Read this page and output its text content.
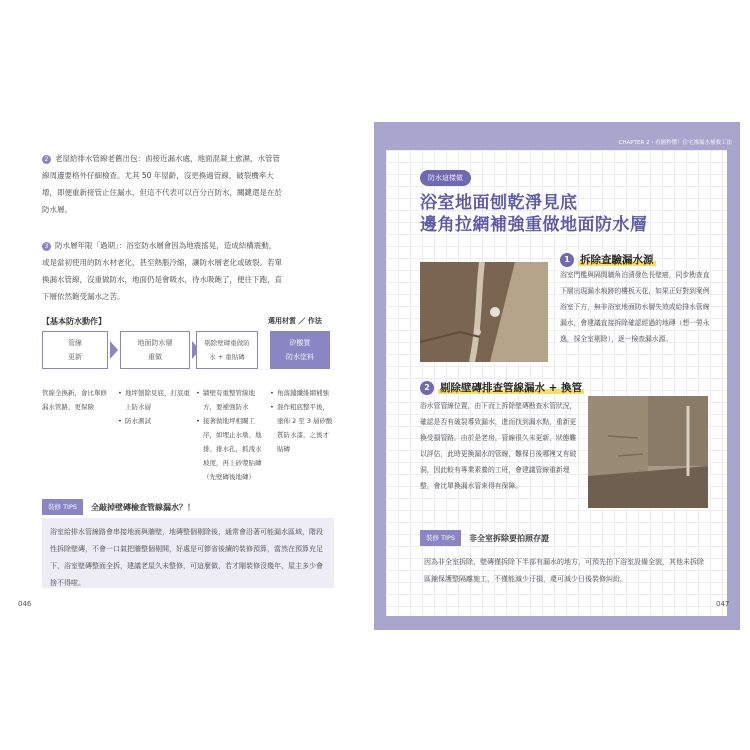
2 老屋給排水管線老舊出包：鹵接近漏水處，地面混凝土愈濕，水管管線周邊要格外仔細檢查。尤其 50 年屋齡，沒更換過管線，破裂機率大增，即便重新接管止住漏水，但這不代表可以百分百防水，關鍵還是在於防水層。
3 防水層年限「過期」：浴室防水層會因為地震搖晃，造成結構震動，或是當初使用的防水材老化，甚至熱脹冷縮，讓防水層老化或破裂。若單換漏水管線，沒重做防水，地面仍是會吸水，待水吸飽了，便往下跑，直下層依然飽受漏水之苦。
【基本防水動作】	選用材質 ／ 作法
管線
更新
地面防水層
重做
剔除壁磚重做防
水 + 重貼磚
矽酸質
防水塗料
管線全換新，會比單修漏水管路，更保險
• 地坪刨除見底，打底重上防水層
• 防水測試
• 牆壁有重整管線地方，要補強防水
• 接著做地坪相關工序，如埋止水墩、地排、排水孔，抓洩水坡度，再上砂漿貼磚（先壁磚後地磚）
• 角落鋪纖維網補強
• 混作粗底整平後，塗佈 2 至 3 層矽酸質防水漆，之後才貼磚
裝修 TIPS	全敲掉壁磚檢查管線漏水？！
浴室給排水管線路會串接地面與牆壁，地磚整個剔除後，通常會沿著可能漏水區域，階段性拆除壁磚，不會一口氣把牆整個剔開，好處是可節省後續的裝修預算，當然在預算充足下，浴室壁磚整面全拆，建議老屋久未整修，可這麼做，若才剛裝修沒幾年，屋主多少會捨不得啦。
046
CHAPTER 2・看圖秒懂！住宅滲漏水補救工法
防水這樣做
浴室地面刨乾淨見底
邊角拉網補強重做地面防水層
1 拆除查驗漏水源
浴室門檻與隔間牆角泊漬發色長壁癌，同步勘查直下層出現漏水痕跡的樓板天花，如果正好對到案例浴室下方，無非浴室地面防水層失效或給排水管線漏水，會建議直接拆除確認經過的地磚（想一勞永逸，採全室剔除），逐一檢查漏水源。
2 剔除壁磚排查管線漏水 + 換管
浴水管管線位置，由下而上拆除壁磚勘查水管狀況，確認是否有破裂導致漏水，進而找到漏水點，重新更換受損管路。由於是老房，管線很久未更新，狀態難以評估，此時更換漏水的管線，難保日後哪裡又有破洞，因此較有專業素養的工班，會建議管線重新埋整，會比單換漏水管來得有保障。
裝修 TIPS	非全室拆除要拍照存證
因為非全室拆除，壁磚僅拆除下半部有漏水的地方，可預先拍下浴室設備全貌，其他未拆除區鋪保護整隔離施工，不僅能減少汙損，還可減少日後裝修糾紛。
047
